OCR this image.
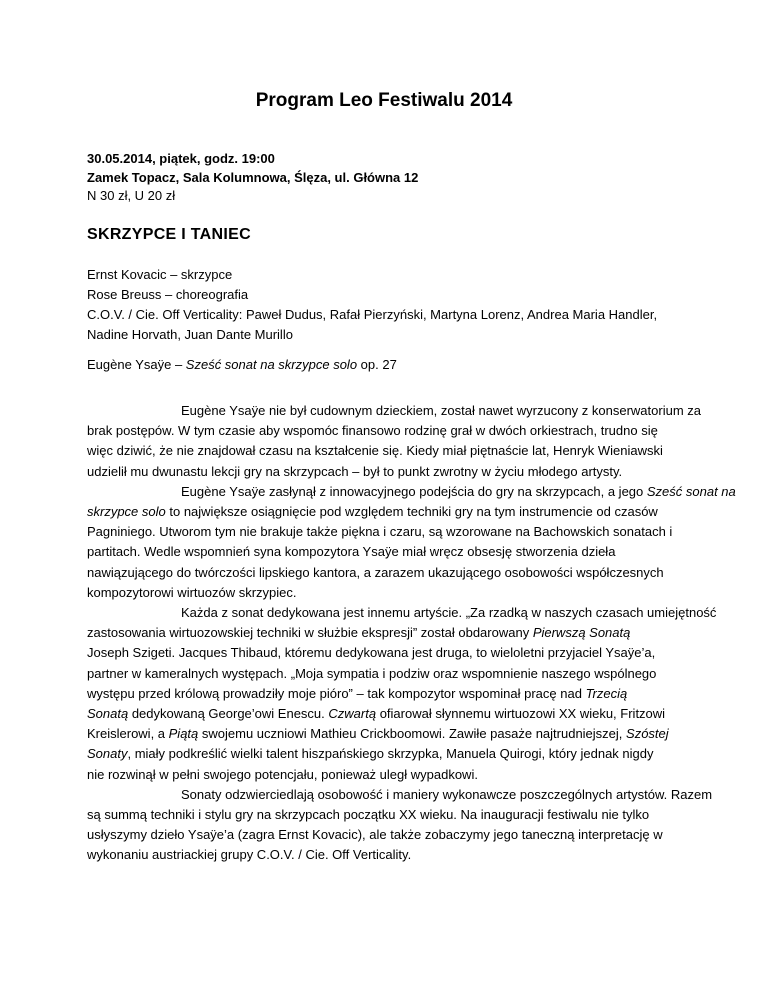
Program Leo Festiwalu 2014
30.05.2014, piątek, godz. 19:00
Zamek Topacz, Sala Kolumnowa, Ślęza, ul. Główna 12
N 30 zł, U 20 zł
SKRZYPCE I TANIEC
Ernst Kovacic – skrzypce
Rose Breuss – choreografia
C.O.V. / Cie. Off Verticality: Paweł Dudus, Rafał Pierzyński, Martyna Lorenz, Andrea Maria Handler,
Nadine Horvath, Juan Dante Murillo
Eugène Ysaÿe – Sześć sonat na skrzypce solo op. 27

Eugène Ysaÿe nie był cudownym dzieckiem, został nawet wyrzucony z konserwatorium za brak postępów. W tym czasie aby wspomóc finansowo rodzinę grał w dwóch orkiestrach, trudno się więc dziwić, że nie znajdował czasu na kształcenie się. Kiedy miał piętnaście lat, Henryk Wieniawski udzielił mu dwunastu lekcji gry na skrzypcach – był to punkt zwrotny w życiu młodego artysty.

Eugène Ysaÿe zasłynął z innowacyjnego podejścia do gry na skrzypcach, a jego Sześć sonat na skrzypce solo to największe osiągnięcie pod względem techniki gry na tym instrumencie od czasów Pagniniego. Utworom tym nie brakuje także piękna i czaru, są wzorowane na Bachowskich sonatach i partitach. Wedle wspomnień syna kompozytora Ysaÿe miał wręcz obsesję stworzenia dzieła nawiązującego do twórczości lipskiego kantora, a zarazem ukazującego osobowości współczesnych kompozytorowi wirtuozów skrzypiec.

Każda z sonat dedykowana jest innemu artyście. „Za rzadką w naszych czasach umiejętność zastosowania wirtuozowskiej techniki w służbie ekspresji” został obdarowany Pierwszą Sonatą Joseph Szigeti. Jacques Thibaud, któremu dedykowana jest druga, to wieloletni przyjaciel Ysaÿe’a, partner w kameralnych występach. „Moja sympatia i podziw oraz wspomnienie naszego wspólnego występu przed królową prowadziły moje pióro” – tak kompozytor wspominał pracę nad Trzecią Sonatą dedykowaną George’owi Enescu. Czwartą ofiarował słynnemu wirtuozowi XX wieku, Fritzowi Kreislerowi, a Piątą swojemu uczniowi Mathieu Crickboomowi. Zawiłe pasaże najtrudniejszej, Szóstej Sonaty, miały podkreślić wielki talent hiszpańskiego skrzypka, Manuela Quirogi, który jednak nigdy nie rozwinął w pełni swojego potencjału, ponieważ uległ wypadkowi.

Sonaty odzwierciedlają osobowość i maniery wykonawcze poszczególnych artystów. Razem są summą techniki i stylu gry na skrzypcach początku XX wieku. Na inauguracji festiwalu nie tylko usłyszymy dzieło Ysaÿe’a (zagra Ernst Kovacic), ale także zobaczymy jego taneczną interpretację w wykonaniu austriackiej grupy C.O.V. / Cie. Off Verticality.
